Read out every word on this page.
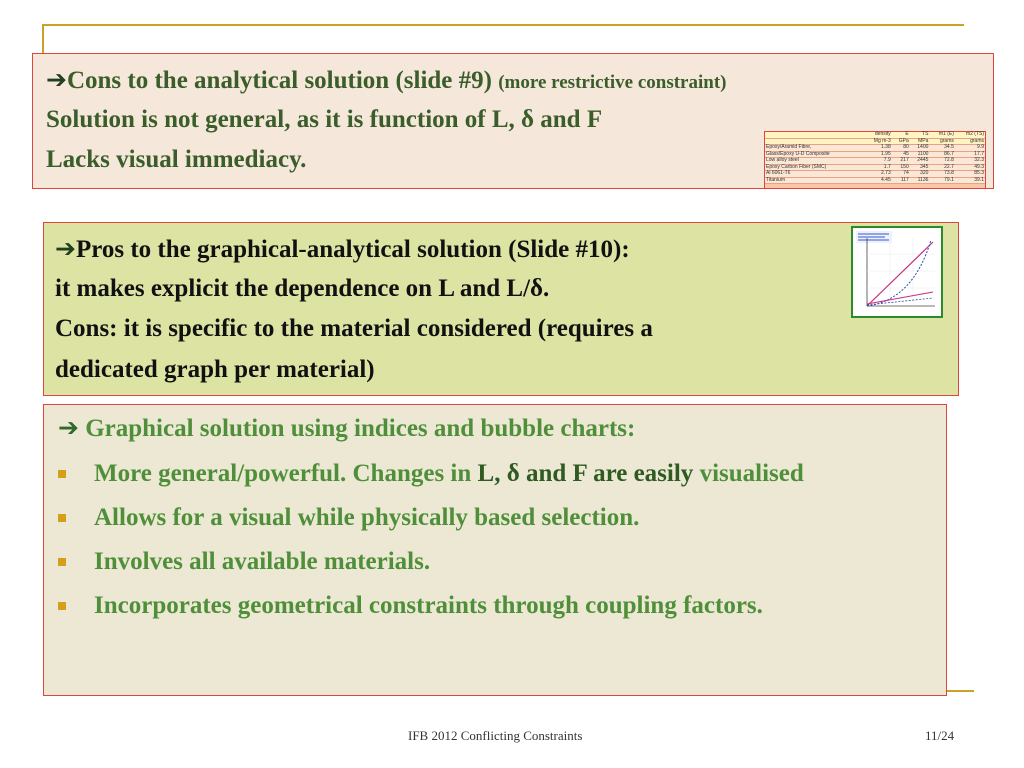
➔Cons to the analytical solution (slide #9) (more restrictive constraint)
Solution is not general, as it is function of L, δ and F
Lacks visual immediacy.
	density	E	TS	m1 (E)	m2 (TS)
	Mg m-3	GPa	MPa	grams	grams
Epoxy/Aramid Fibre,	1.38	80	1400	34.5	9.9
Glass/Epoxy U-D Composite	1.95	45	1100	86.7	17.7
Low alloy steel	7.9	217	2445	72.8	32.3
Epoxy Carbon Fiber (SMC)	1.7	150	345	22.7	49.3
Al 6061-T6	2.73	74	320	73.8	85.3
Titanium	4.45	117	1136	79.1	39.1
➔Pros to the graphical-analytical solution (Slide #10):
it makes explicit the dependence on L and L/δ.
Cons: it is specific to the material considered (requires a
dedicated graph per material)
➔ Graphical solution using indices and bubble charts:
More general/powerful. Changes in L, δ and F are easily visualised
Allows for a visual while physically based selection.
Involves all available materials.
Incorporates geometrical constraints through coupling factors.
IFB 2012 Conflicting Constraints	11/24
